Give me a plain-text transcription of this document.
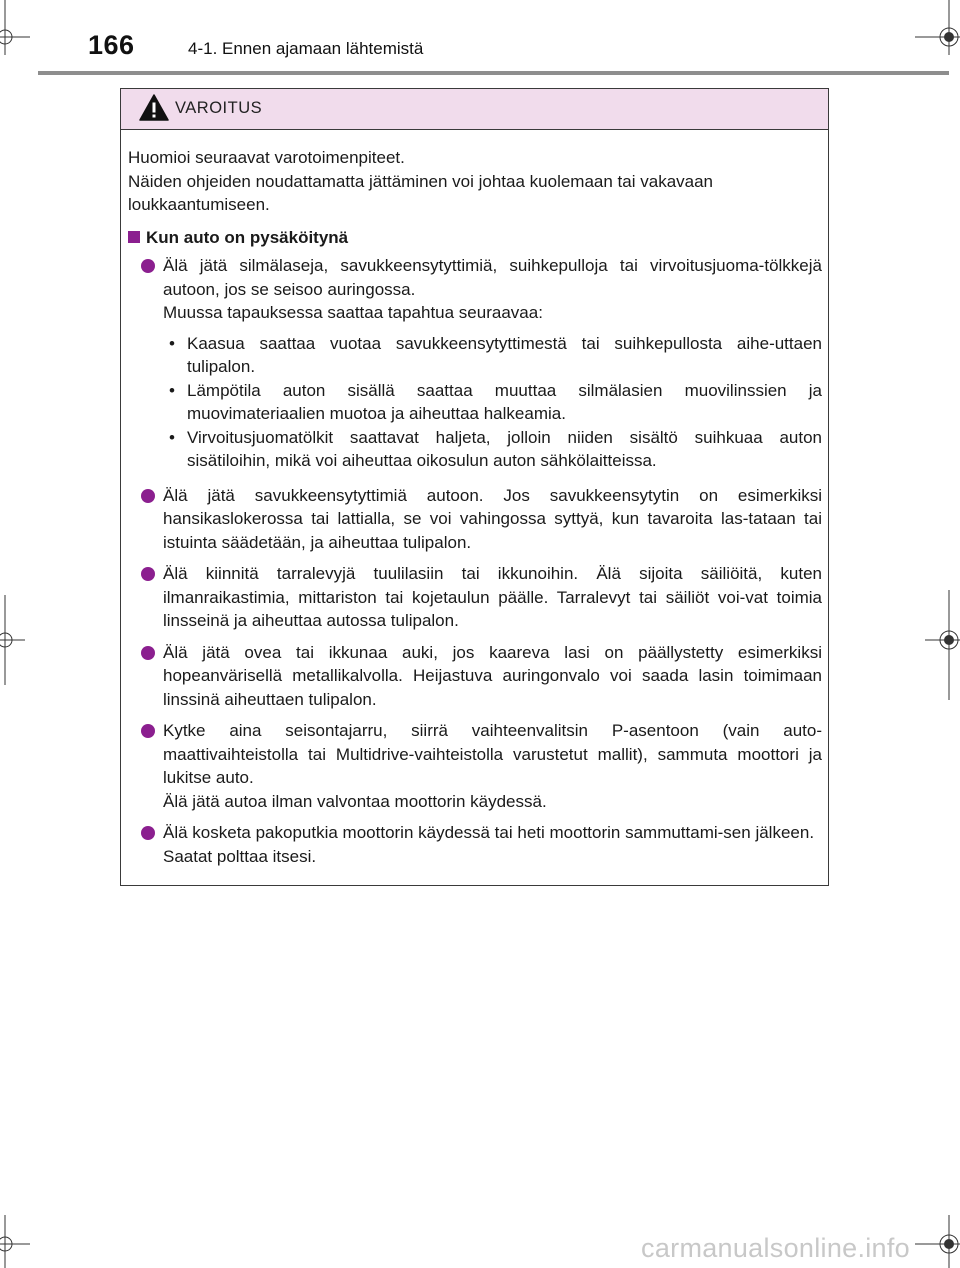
166	4-1. Ennen ajamaan lähtemistä
VAROITUS

Huomioi seuraavat varotoimenpiteet.

Näiden ohjeiden noudattamatta jättäminen voi johtaa kuolemaan tai vakavaan loukkaantumiseen.

Kun auto on pysäköitynä

Älä jätä silmälaseja, savukkeensytyttimiä, suihkepulloja tai virvoitusjuoma-tölkkejä autoon, jos se seisoo auringossa.

Muussa tapauksessa saattaa tapahtua seuraavaa:

• Kaasua saattaa vuotaa savukkeensytyttimestä tai suihkepullosta aihe-uttaen tulipalon.
• Lämpötila auton sisällä saattaa muuttaa silmälasien muovilinssien ja muovimateriaalien muotoa ja aiheuttaa halkeamia.
• Virvoitusjuomatölkit saattavat haljeta, jolloin niiden sisältö suihkuaa auton sisätiloihin, mikä voi aiheuttaa oikosulun auton sähkölaitteissa.

Älä jätä savukkeensytyttimiä autoon. Jos savukkeensytytin on esimerkiksi hansikaslokerossa tai lattialla, se voi vahingossa syttyä, kun tavaroita las-tataan tai istuinta säädetään, ja aiheuttaa tulipalon.

Älä kiinnitä tarralevyjä tuulilasiin tai ikkunoihin. Älä sijoita säiliöitä, kuten ilmanraikastimia, mittariston tai kojetaulun päälle. Tarralevyt tai säiliöt voi-vat toimia linsseinä ja aiheuttaa autossa tulipalon.

Älä jätä ovea tai ikkunaa auki, jos kaareva lasi on päällystetty esimerkiksi hopeanvärisellä metallikalvolla. Heijastuva auringonvalo voi saada lasin toimimaan linssinä aiheuttaen tulipalon.

Kytke aina seisontajarru, siirrä vaihteenvalitsin P-asentoon (vain auto-maattivaihteistolla tai Multidrive-vaihteistolla varustetut mallit), sammuta moottori ja lukitse auto.

Älä jätä autoa ilman valvontaa moottorin käydessä.

Älä kosketa pakoputkia moottorin käydessä tai heti moottorin sammuttami-sen jälkeen.

Saatat polttaa itsesi.

carmanualsonline.info
